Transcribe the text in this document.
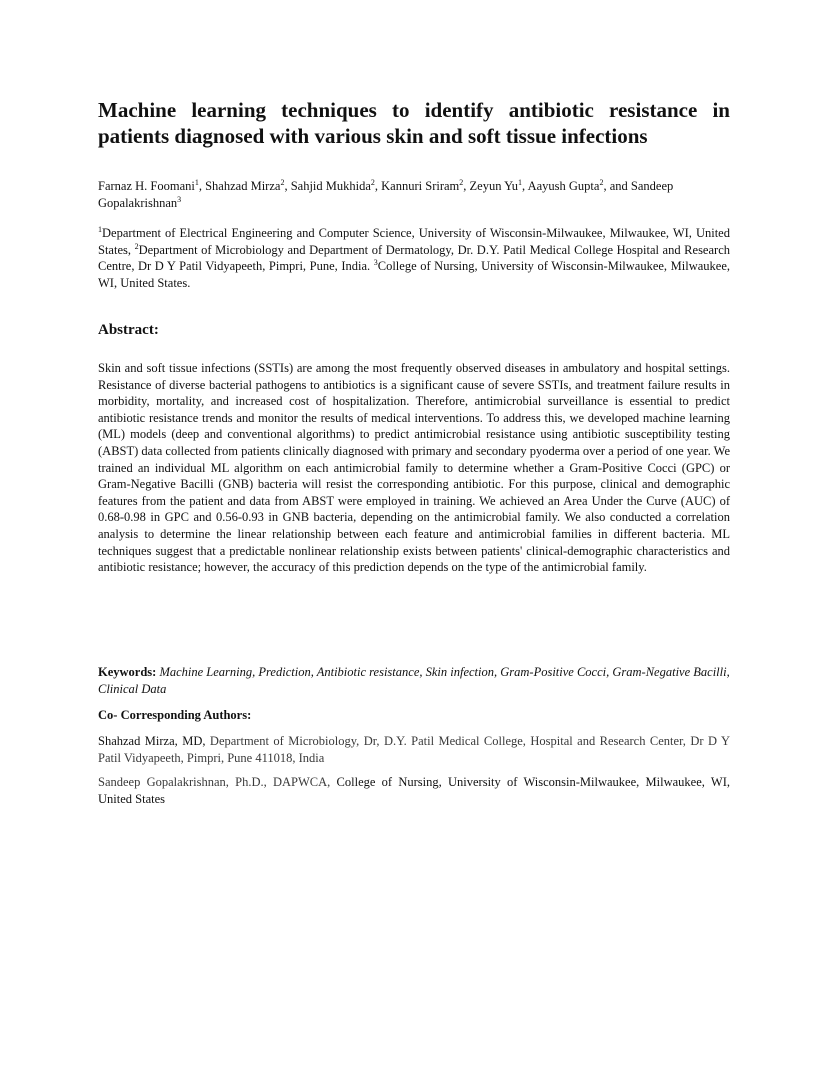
Machine learning techniques to identify antibiotic resistance in patients diagnosed with various skin and soft tissue infections

Farnaz H. Foomani$^1$, Shahzad Mirza$^2$, Sahjid Mukhida$^2$, Kannuri Sriram$^2$, Zeyun Yu$^1$, Aayush Gupta$^2$, and Sandeep Gopalakrishnan$^3$

$^1$Department of Electrical Engineering and Computer Science, University of Wisconsin-Milwaukee, Milwaukee, WI, United States, $^2$Department of Microbiology and Department of Dermatology, Dr. D.Y. Patil Medical College Hospital and Research Centre, Dr D Y Patil Vidyapeeth, Pimpri, Pune, India. $^3$College of Nursing, University of Wisconsin-Milwaukee, Milwaukee, WI, United States.

Abstract:

Skin and soft tissue infections (SSTIs) are among the most frequently observed diseases in ambulatory and hospital settings. Resistance of diverse bacterial pathogens to antibiotics is a significant cause of severe SSTIs, and treatment failure results in morbidity, mortality, and increased cost of hospitalization. Therefore, antimicrobial surveillance is essential to predict antibiotic resistance trends and monitor the results of medical interventions. To address this, we developed machine learning (ML) models (deep and conventional algorithms) to predict antimicrobial resistance using antibiotic susceptibility testing (ABST) data collected from patients clinically diagnosed with primary and secondary pyoderma over a period of one year. We trained an individual ML algorithm on each antimicrobial family to determine whether a Gram-Positive Cocci (GPC) or Gram-Negative Bacilli (GNB) bacteria will resist the corresponding antibiotic. For this purpose, clinical and demographic features from the patient and data from ABST were employed in training. We achieved an Area Under the Curve (AUC) of 0.68-0.98 in GPC and 0.56-0.93 in GNB bacteria, depending on the antimicrobial family. We also conducted a correlation analysis to determine the linear relationship between each feature and antimicrobial families in different bacteria. ML techniques suggest that a predictable nonlinear relationship exists between patients' clinical-demographic characteristics and antibiotic resistance; however, the accuracy of this prediction depends on the type of the antimicrobial family.

Keywords: Machine Learning, Prediction, Antibiotic resistance, Skin infection, Gram-Positive Cocci, Gram-Negative Bacilli, Clinical Data

Co- Corresponding Authors:

Shahzad Mirza, MD, Department of Microbiology, Dr, D.Y. Patil Medical College, Hospital and Research Center, Dr D Y Patil Vidyapeeth, Pimpri, Pune 411018, India

Sandeep Gopalakrishnan, Ph.D., DAPWCA, College of Nursing, University of Wisconsin-Milwaukee, Milwaukee, WI, United States
